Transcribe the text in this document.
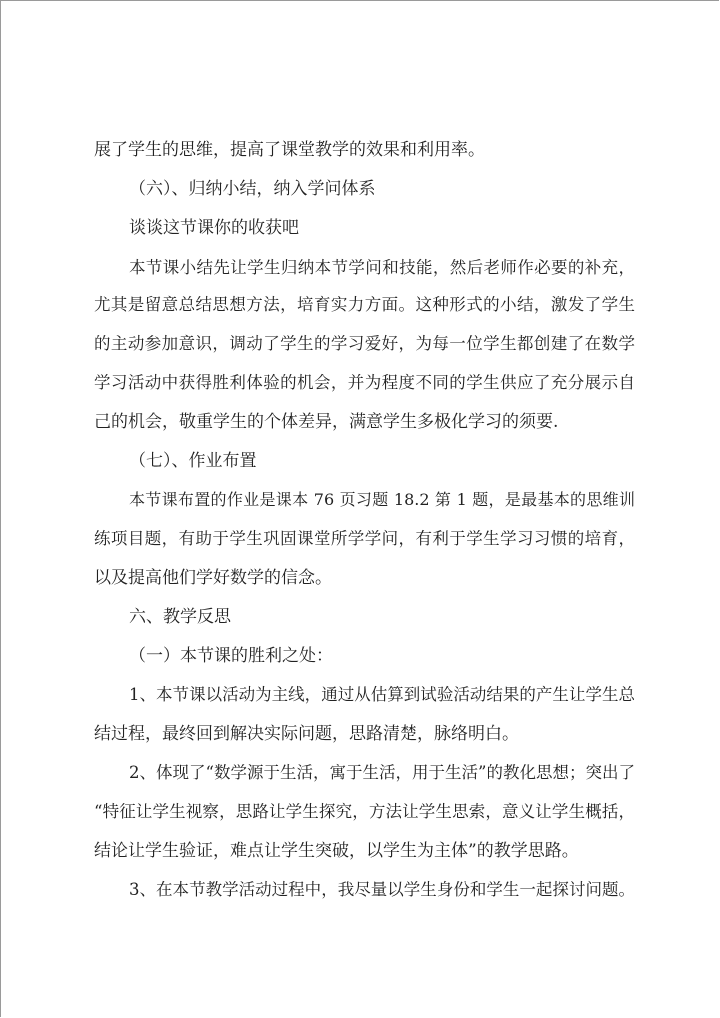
展了学生的思维，提高了课堂教学的效果和利用率。

（六）、归纳小结，纳入学问体系

谈谈这节课你的收获吧

本节课小结先让学生归纳本节学问和技能，然后老师作必要的补充，

尤其是留意总结思想方法，培育实力方面。这种形式的小结，激发了学生

的主动参加意识，调动了学生的学习爱好，为每一位学生都创建了在数学

学习活动中获得胜利体验的机会，并为程度不同的学生供应了充分展示自

己的机会，敬重学生的个体差异，满意学生多极化学习的须要.

（七）、作业布置

本节课布置的作业是课本 76 页习题 18.2 第 1 题，是最基本的思维训

练项目题，有助于学生巩固课堂所学学问，有利于学生学习习惯的培育，

以及提高他们学好数学的信念。

六、教学反思

（一）本节课的胜利之处：

1、本节课以活动为主线，通过从估算到试验活动结果的产生让学生总

结过程，最终回到解决实际问题，思路清楚，脉络明白。

2、体现了“数学源于生活，寓于生活，用于生活”的教化思想；突出了

“特征让学生视察，思路让学生探究，方法让学生思索，意义让学生概括，

结论让学生验证，难点让学生突破，以学生为主体”的教学思路。

3、在本节教学活动过程中，我尽量以学生身份和学生一起探讨问题。
